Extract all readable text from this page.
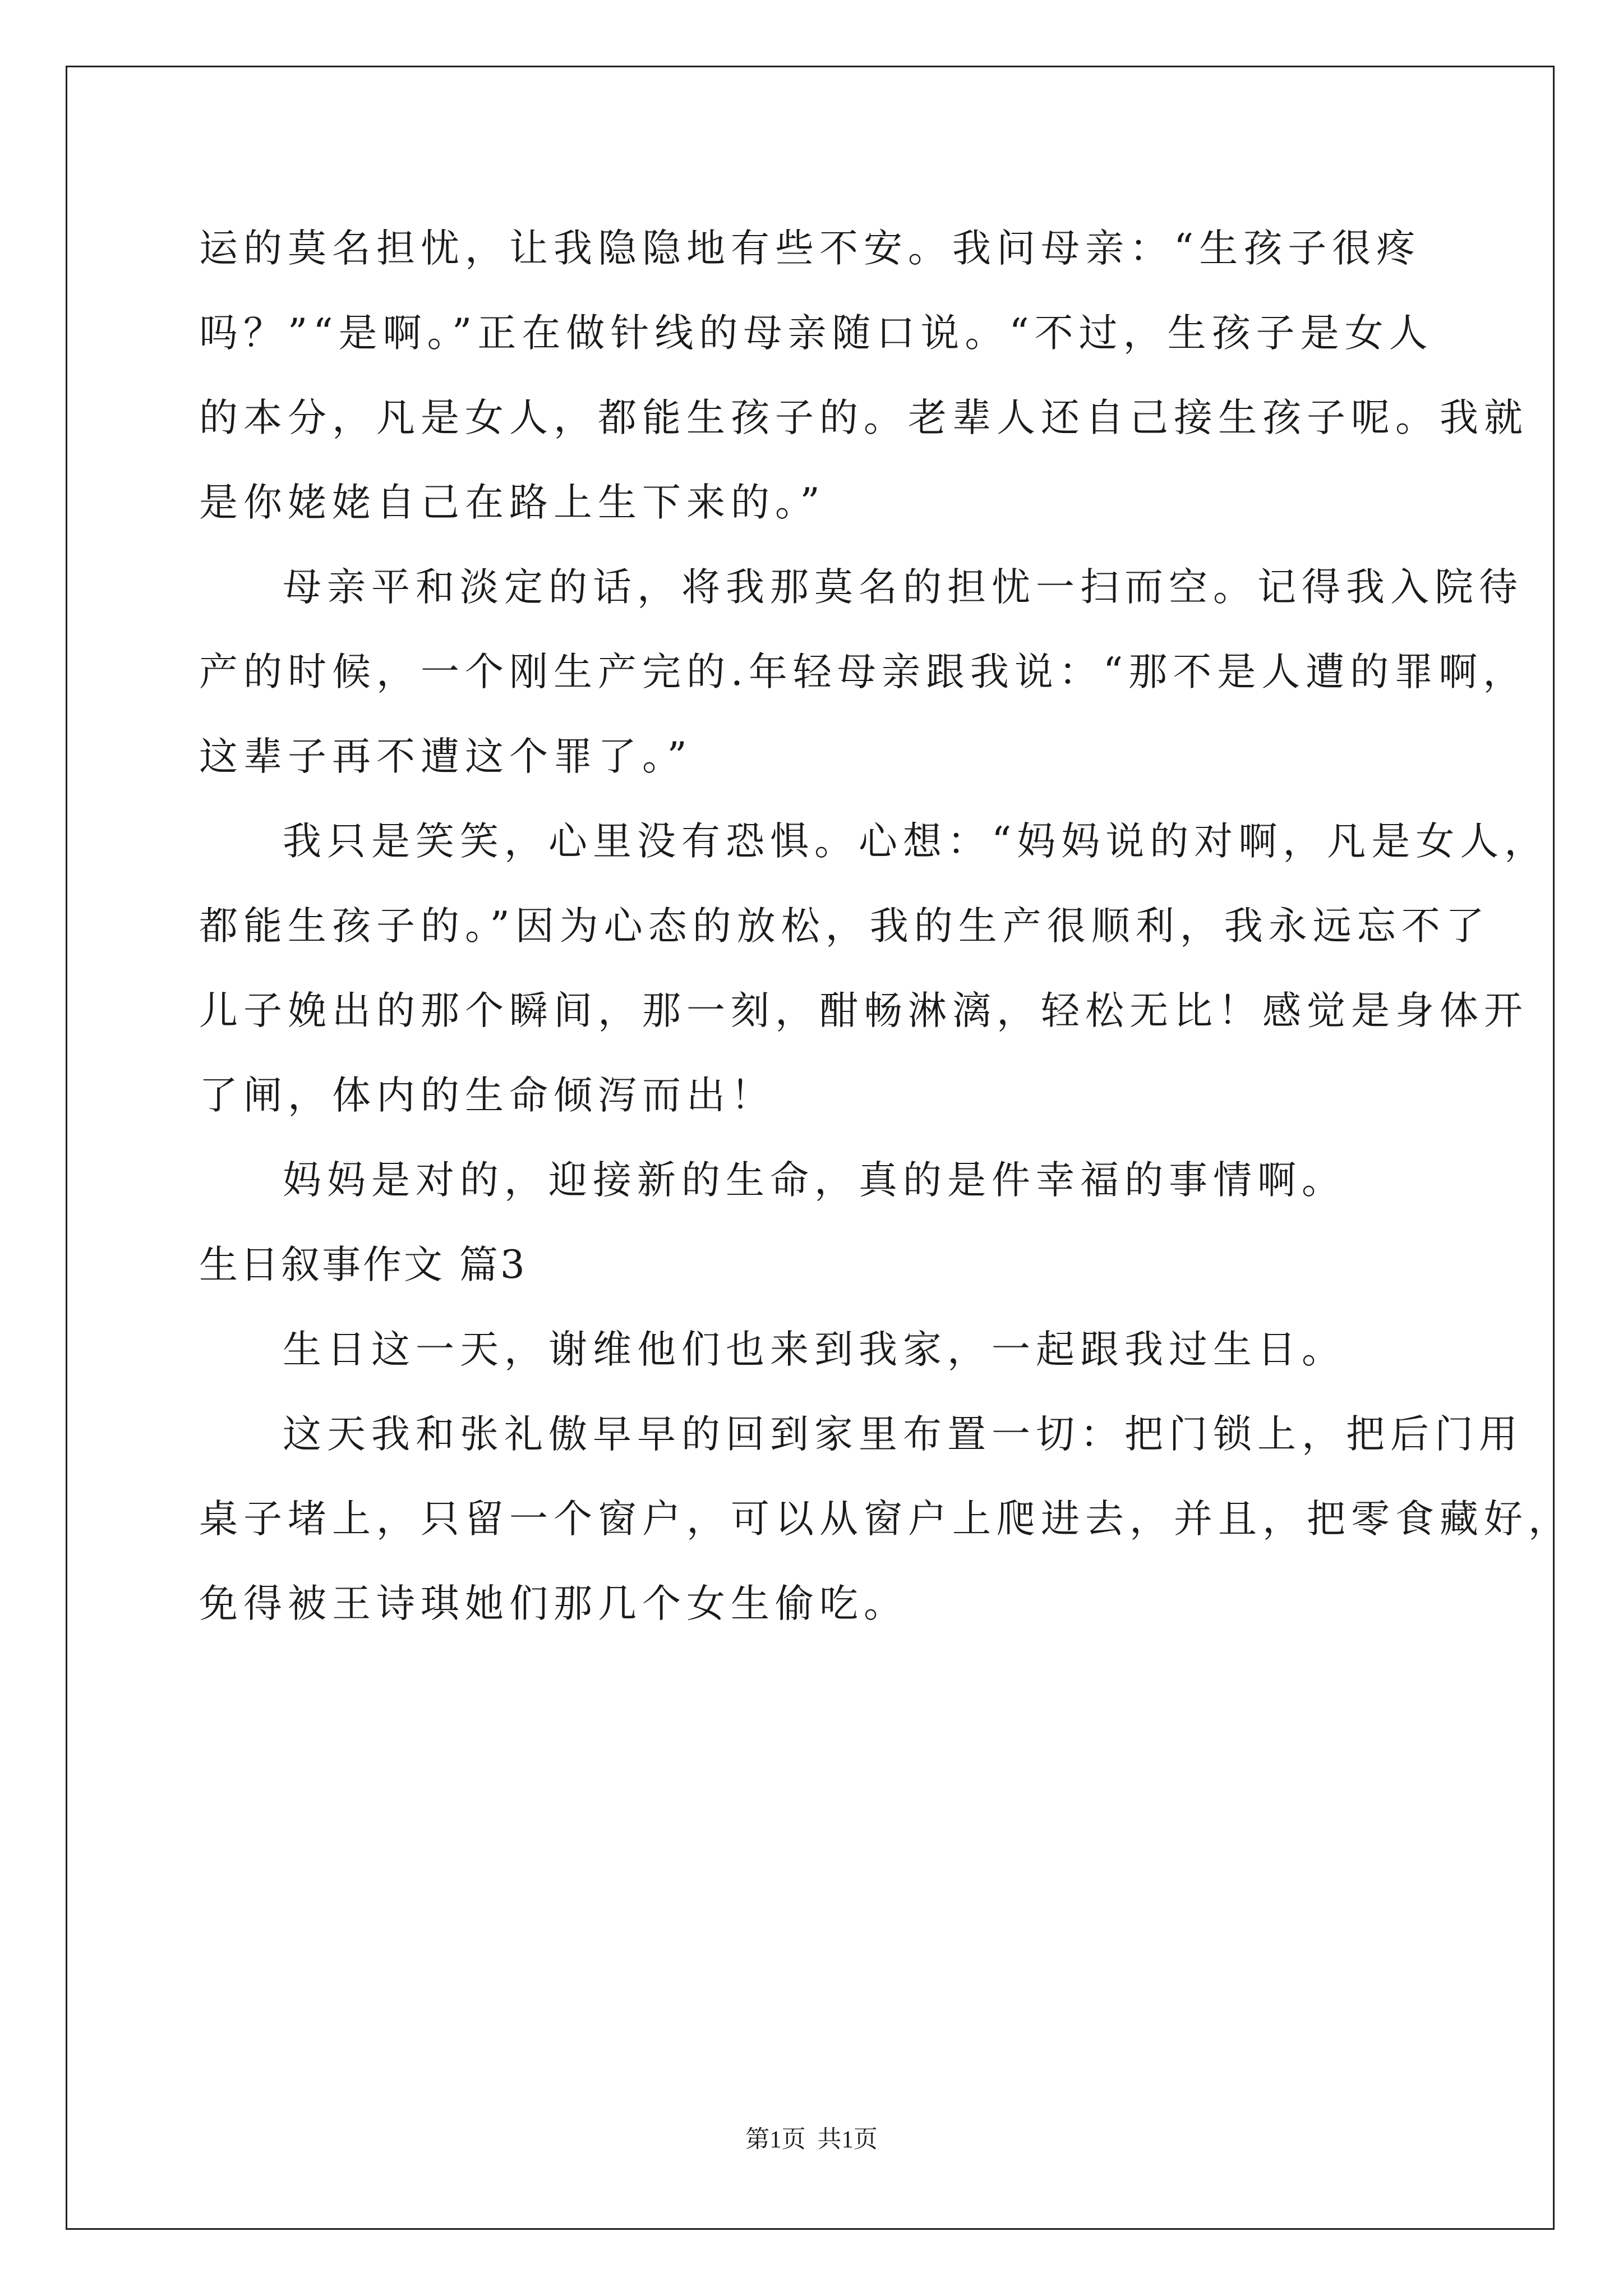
运的莫名担忧，让我隐隐地有些不安。我问母亲：“生孩子很疼
吗？”“是啊。”正在做针线的母亲随口说。“不过，生孩子是女人
的本分，凡是女人，都能生孩子的。老辈人还自己接生孩子呢。我就
是你姥姥自己在路上生下来的。”
母亲平和淡定的话，将我那莫名的担忧一扫而空。记得我入院待
产的时候，一个刚生产完的.年轻母亲跟我说：“那不是人遭的罪啊，
这辈子再不遭这个罪了。”
我只是笑笑，心里没有恐惧。心想：“妈妈说的对啊，凡是女人，
都能生孩子的。”因为心态的放松，我的生产很顺利，我永远忘不了
儿子娩出的那个瞬间，那一刻，酣畅淋漓，轻松无比！感觉是身体开
了闸，体内的生命倾泻而出！
妈妈是对的，迎接新的生命，真的是件幸福的事情啊。
生日叙事作文 篇3
生日这一天，谢维他们也来到我家，一起跟我过生日。
这天我和张礼傲早早的回到家里布置一切：把门锁上，把后门用
桌子堵上，只留一个窗户，可以从窗户上爬进去，并且，把零食藏好，
免得被王诗琪她们那几个女生偷吃。
第1页 共1页
